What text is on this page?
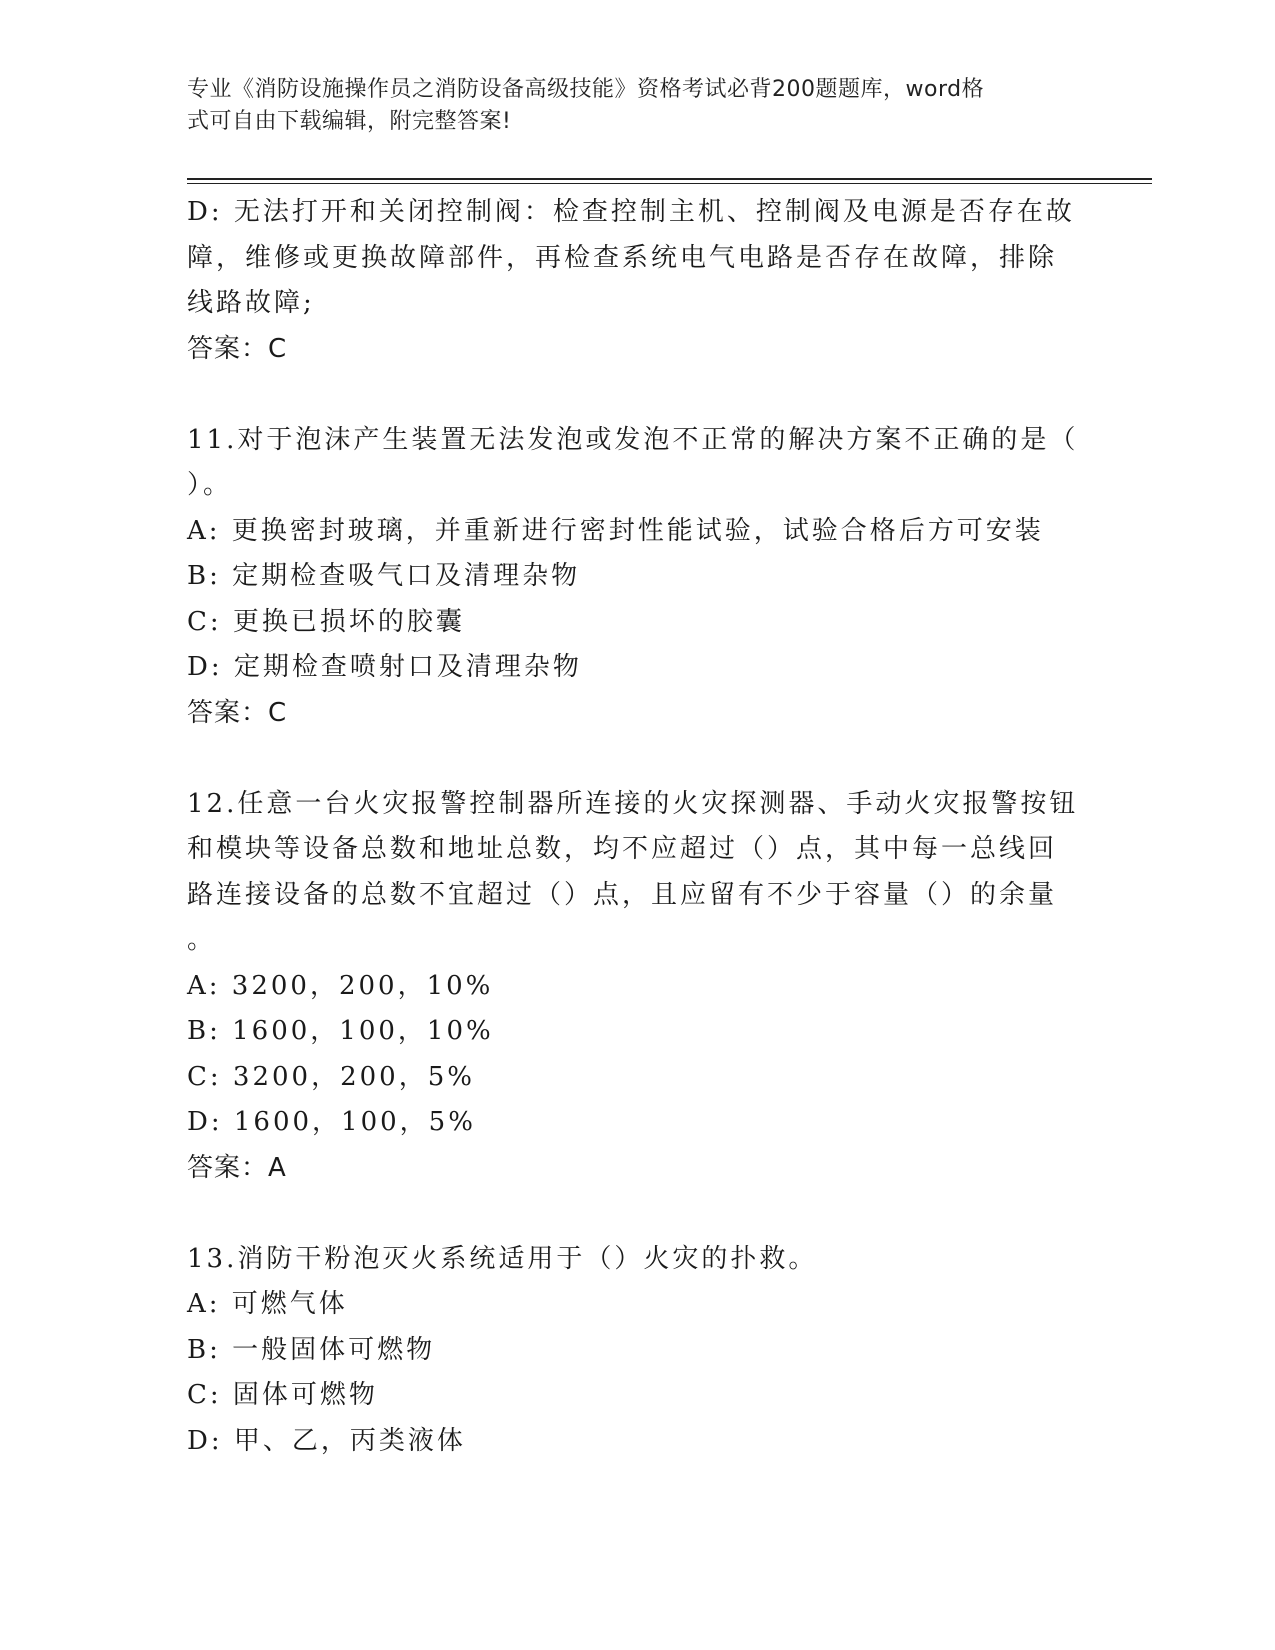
专业《消防设施操作员之消防设备高级技能》资格考试必背200题题库，word格
式可自由下载编辑，附完整答案!
D: 无法打开和关闭控制阀：检查控制主机、控制阀及电源是否存在故
障，维修或更换故障部件，再检查系统电气电路是否存在故障，排除
线路故障;
答案：C
11.对于泡沫产生装置无法发泡或发泡不正常的解决方案不正确的是（
）。
A: 更换密封玻璃，并重新进行密封性能试验，试验合格后方可安装
B: 定期检查吸气口及清理杂物
C: 更换已损坏的胶囊
D: 定期检查喷射口及清理杂物
答案：C
12.任意一台火灾报警控制器所连接的火灾探测器、手动火灾报警按钮
和模块等设备总数和地址总数，均不应超过（）点，其中每一总线回
路连接设备的总数不宜超过（）点，且应留有不少于容量（）的余量
。
A: 3200，200，10%
B: 1600，100，10%
C: 3200，200，5%
D: 1600，100，5%
答案：A
13.消防干粉泡灭火系统适用于（）火灾的扑救。
A: 可燃气体
B: 一般固体可燃物
C: 固体可燃物
D: 甲、乙，丙类液体
